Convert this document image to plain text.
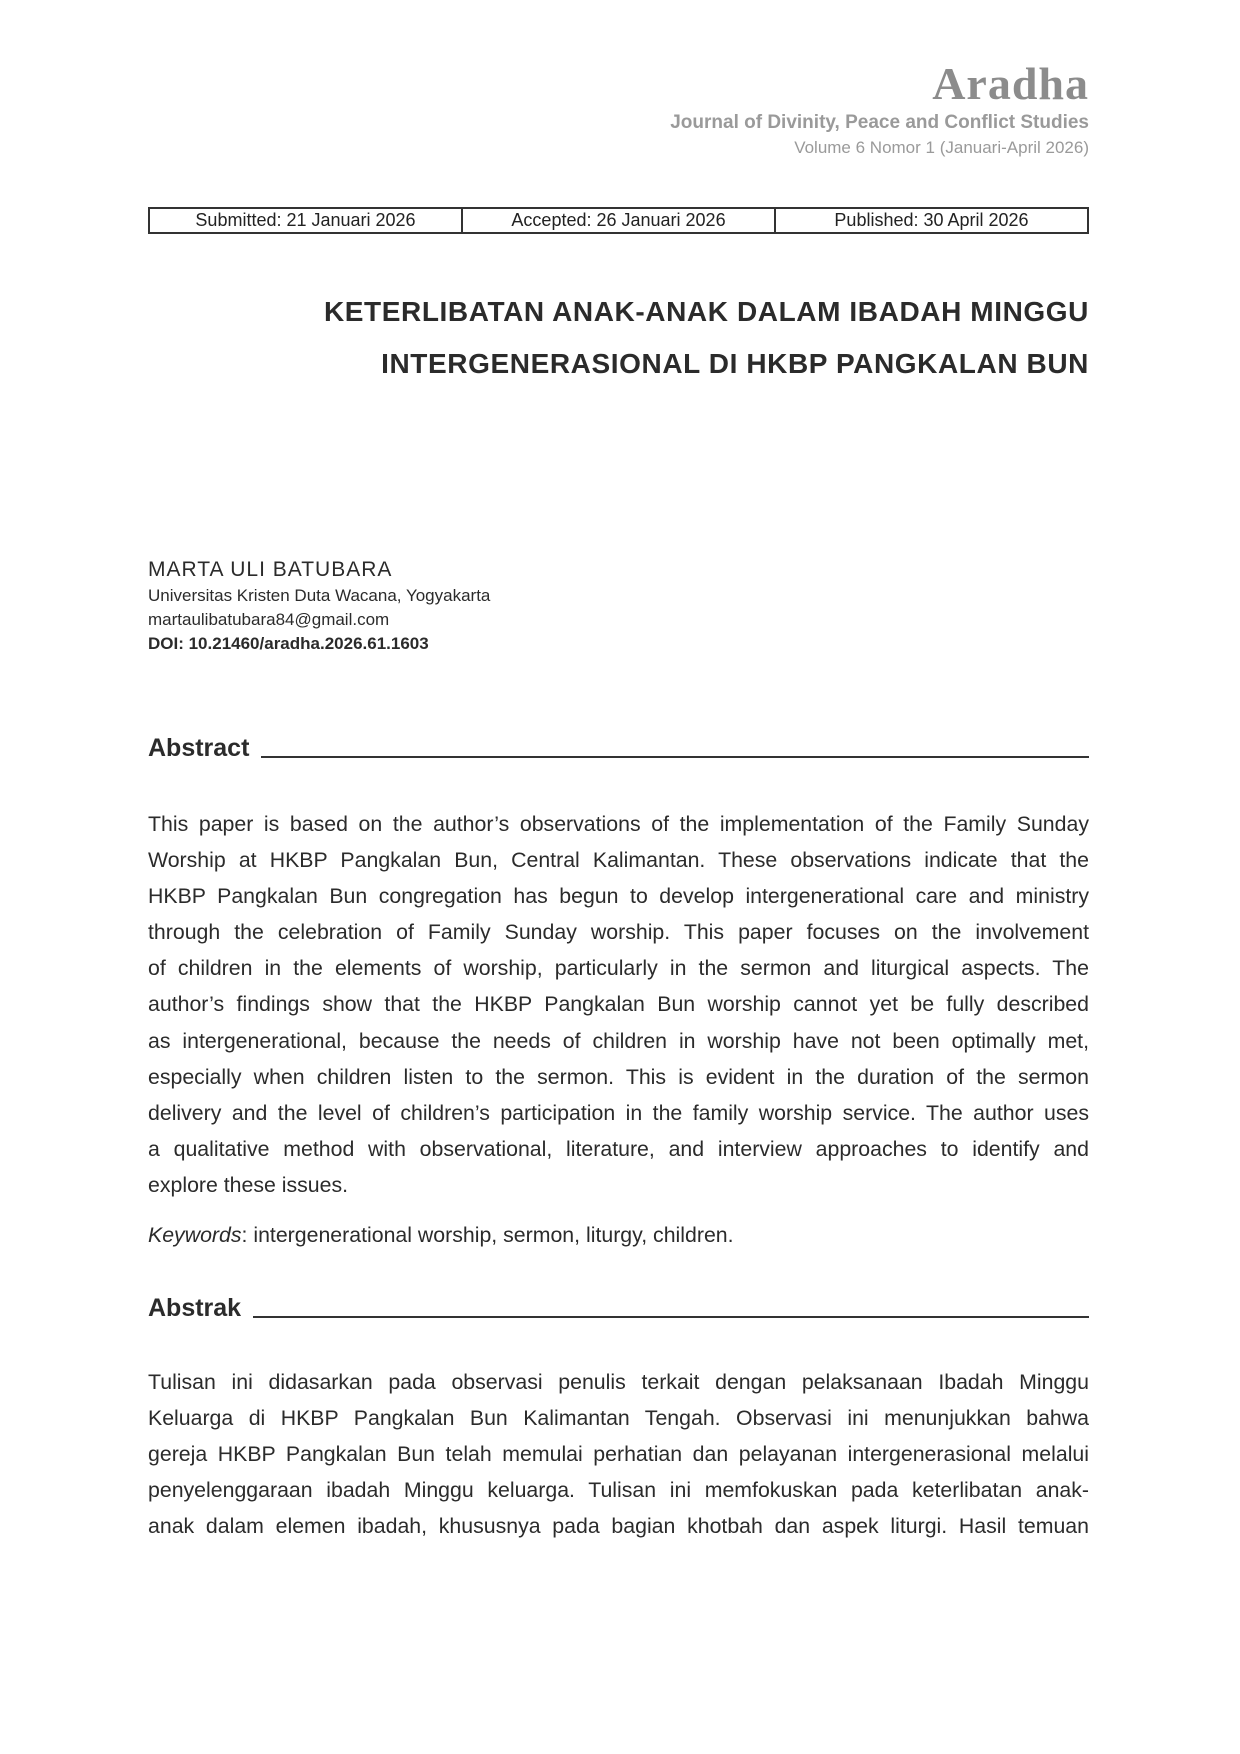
Aradha
Journal of Divinity, Peace and Conflict Studies
Volume 6 Nomor 1 (Januari-April 2026)
Submitted: 21 Januari 2026	Accepted: 26 Januari 2026	Published: 30 April 2026
KETERLIBATAN ANAK-ANAK DALAM IBADAH MINGGU
INTERGENERASIONAL DI HKBP PANGKALAN BUN
MARTA ULI BATUBARA
Universitas Kristen Duta Wacana, Yogyakarta
martaulibatubara84@gmail.com
DOI: 10.21460/aradha.2026.61.1603
Abstract
This paper is based on the author’s observations of the implementation of the Family Sunday
Worship at HKBP Pangkalan Bun, Central Kalimantan. These observations indicate that the
HKBP Pangkalan Bun congregation has begun to develop intergenerational care and ministry
through the celebration of Family Sunday worship. This paper focuses on the involvement
of children in the elements of worship, particularly in the sermon and liturgical aspects. The
author’s findings show that the HKBP Pangkalan Bun worship cannot yet be fully described
as intergenerational, because the needs of children in worship have not been optimally met,
especially when children listen to the sermon. This is evident in the duration of the sermon
delivery and the level of children’s participation in the family worship service. The author uses
a qualitative method with observational, literature, and interview approaches to identify and
explore these issues.
Keywords: intergenerational worship, sermon, liturgy, children.
Abstrak
Tulisan ini didasarkan pada observasi penulis terkait dengan pelaksanaan Ibadah Minggu
Keluarga di HKBP Pangkalan Bun Kalimantan Tengah. Observasi ini menunjukkan bahwa
gereja HKBP Pangkalan Bun telah memulai perhatian dan pelayanan intergenerasional melalui
penyelenggaraan ibadah Minggu keluarga. Tulisan ini memfokuskan pada keterlibatan anak-
anak dalam elemen ibadah, khususnya pada bagian khotbah dan aspek liturgi. Hasil temuan
